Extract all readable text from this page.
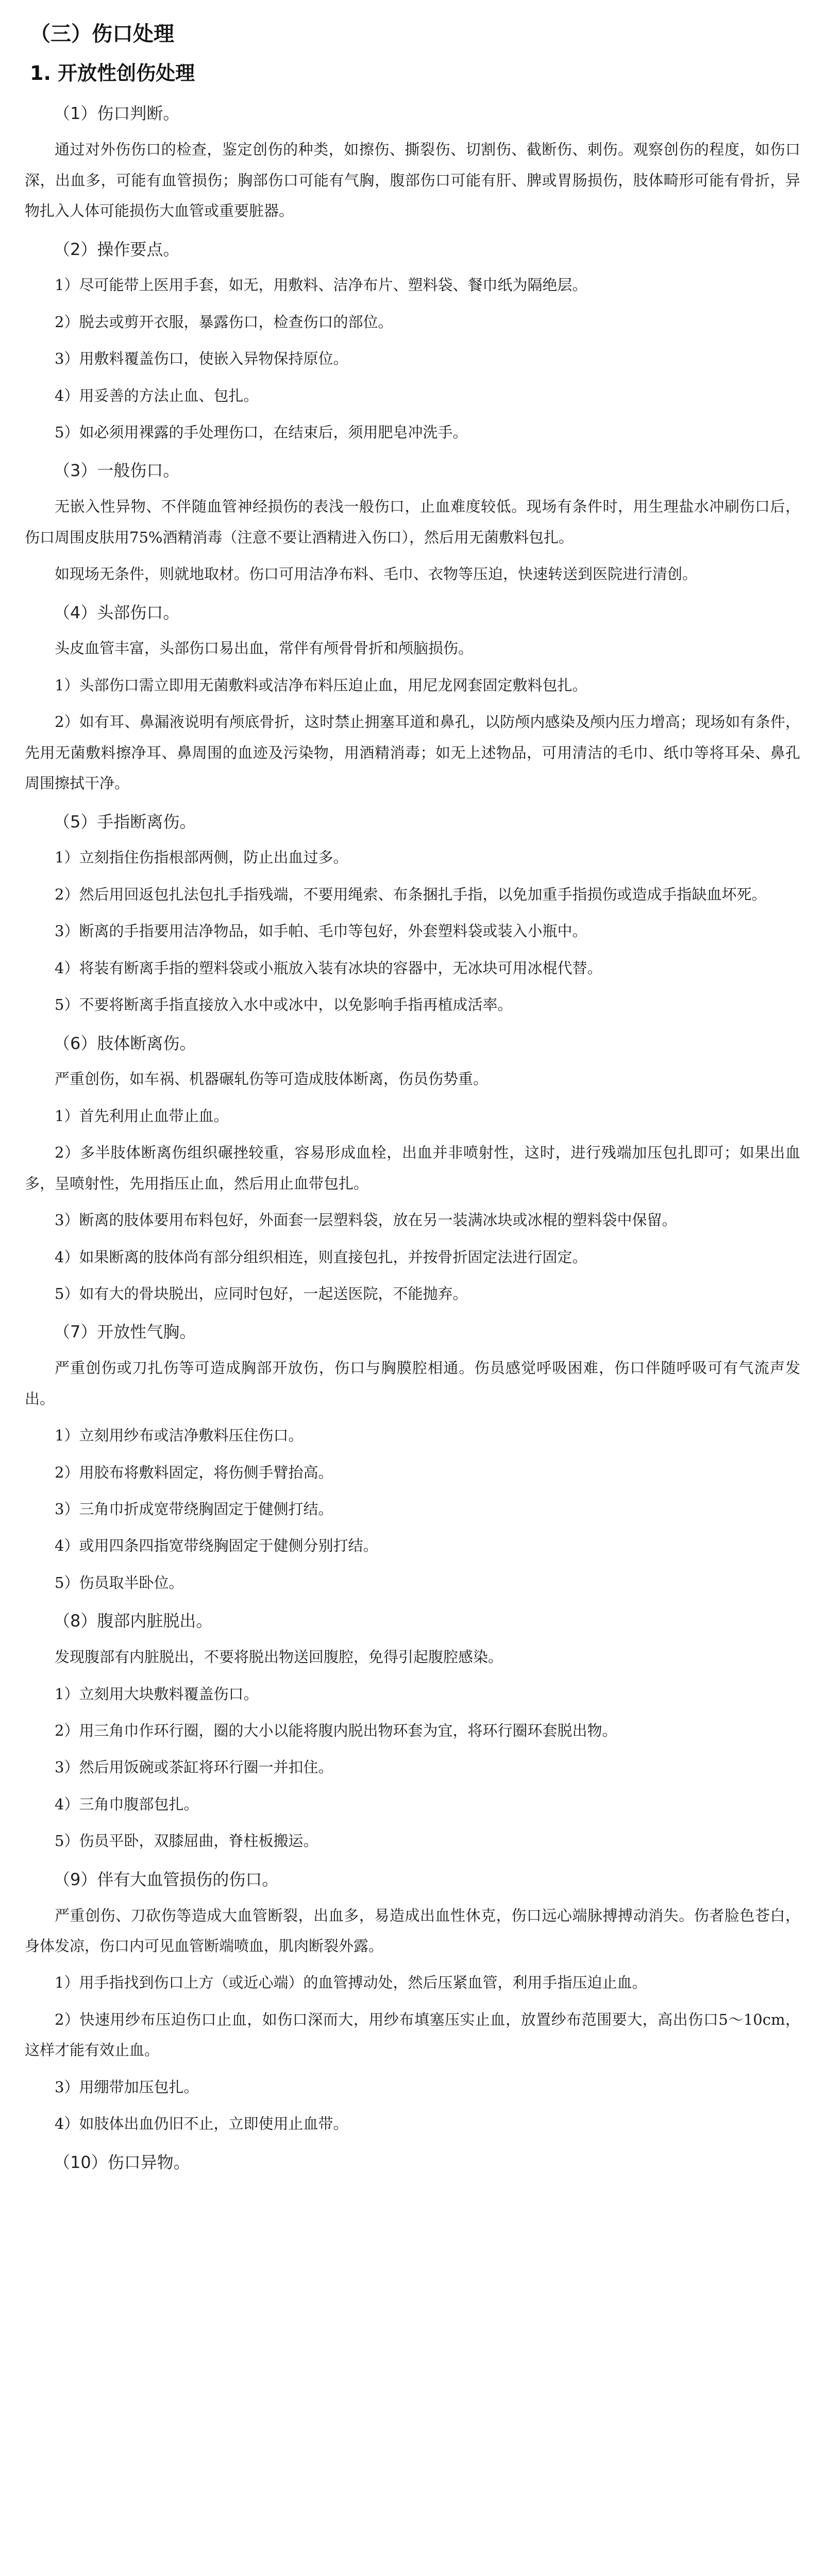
（三）伤口处理
1. 开放性创伤处理
（1）伤口判断。

通过对外伤伤口的检查，鉴定创伤的种类，如擦伤、撕裂伤、切割伤、截断伤、刺伤。观察创伤的程度，如伤口深，出血多，可能有血管损伤；胸部伤口可能有气胸，腹部伤口可能有肝、脾或胃肠损伤，肢体畸形可能有骨折，异物扎入人体可能损伤大血管或重要脏器。

（2）操作要点。

1）尽可能带上医用手套，如无，用敷料、洁净布片、塑料袋、餐巾纸为隔绝层。

2）脱去或剪开衣服，暴露伤口，检查伤口的部位。

3）用敷料覆盖伤口，使嵌入异物保持原位。

4）用妥善的方法止血、包扎。

5）如必须用裸露的手处理伤口，在结束后，须用肥皂冲洗手。

（3）一般伤口。

无嵌入性异物、不伴随血管神经损伤的表浅一般伤口，止血难度较低。现场有条件时，用生理盐水冲刷伤口后，伤口周围皮肤用75%酒精消毒（注意不要让酒精进入伤口），然后用无菌敷料包扎。

如现场无条件，则就地取材。伤口可用洁净布料、毛巾、衣物等压迫，快速转送到医院进行清创。

（4）头部伤口。

头皮血管丰富，头部伤口易出血，常伴有颅骨骨折和颅脑损伤。

1）头部伤口需立即用无菌敷料或洁净布料压迫止血，用尼龙网套固定敷料包扎。

2）如有耳、鼻漏液说明有颅底骨折，这时禁止拥塞耳道和鼻孔，以防颅内感染及颅内压力增高；现场如有条件，先用无菌敷料擦净耳、鼻周围的血迹及污染物，用酒精消毒；如无上述物品，可用清洁的毛巾、纸巾等将耳朵、鼻孔周围擦拭干净。

（5）手指断离伤。

1）立刻指住伤指根部两侧，防止出血过多。

2）然后用回返包扎法包扎手指残端，不要用绳索、布条捆扎手指，以免加重手指损伤或造成手指缺血坏死。

3）断离的手指要用洁净物品，如手帕、毛巾等包好，外套塑料袋或装入小瓶中。

4）将装有断离手指的塑料袋或小瓶放入装有冰块的容器中，无冰块可用冰棍代替。

5）不要将断离手指直接放入水中或冰中，以免影响手指再植成活率。

（6）肢体断离伤。

严重创伤，如车祸、机器碾轧伤等可造成肢体断离，伤员伤势重。

1）首先利用止血带止血。

2）多半肢体断离伤组织碾挫较重，容易形成血栓，出血并非喷射性，这时，进行残端加压包扎即可；如果出血多，呈喷射性，先用指压止血，然后用止血带包扎。

3）断离的肢体要用布料包好，外面套一层塑料袋，放在另一装满冰块或冰棍的塑料袋中保留。

4）如果断离的肢体尚有部分组织相连，则直接包扎，并按骨折固定法进行固定。

5）如有大的骨块脱出，应同时包好，一起送医院，不能抛弃。

（7）开放性气胸。

严重创伤或刀扎伤等可造成胸部开放伤，伤口与胸膜腔相通。伤员感觉呼吸困难，伤口伴随呼吸可有气流声发出。

1）立刻用纱布或洁净敷料压住伤口。

2）用胶布将敷料固定，将伤侧手臂抬高。

3）三角巾折成宽带绕胸固定于健侧打结。

4）或用四条四指宽带绕胸固定于健侧分别打结。

5）伤员取半卧位。

（8）腹部内脏脱出。

发现腹部有内脏脱出，不要将脱出物送回腹腔，免得引起腹腔感染。

1）立刻用大块敷料覆盖伤口。

2）用三角巾作环行圈，圈的大小以能将腹内脱出物环套为宜，将环行圈环套脱出物。

3）然后用饭碗或茶缸将环行圈一并扣住。

4）三角巾腹部包扎。

5）伤员平卧，双膝屈曲，脊柱板搬运。

（9）伴有大血管损伤的伤口。

严重创伤、刀砍伤等造成大血管断裂，出血多，易造成出血性休克，伤口远心端脉搏搏动消失。伤者脸色苍白，身体发凉，伤口内可见血管断端喷血，肌肉断裂外露。

1）用手指找到伤口上方（或近心端）的血管搏动处，然后压紧血管，利用手指压迫止血。

2）快速用纱布压迫伤口止血，如伤口深而大，用纱布填塞压实止血，放置纱布范围要大，高出伤口5～10cm，这样才能有效止血。

3）用绷带加压包扎。

4）如肢体出血仍旧不止，立即使用止血带。

（10）伤口异物。
